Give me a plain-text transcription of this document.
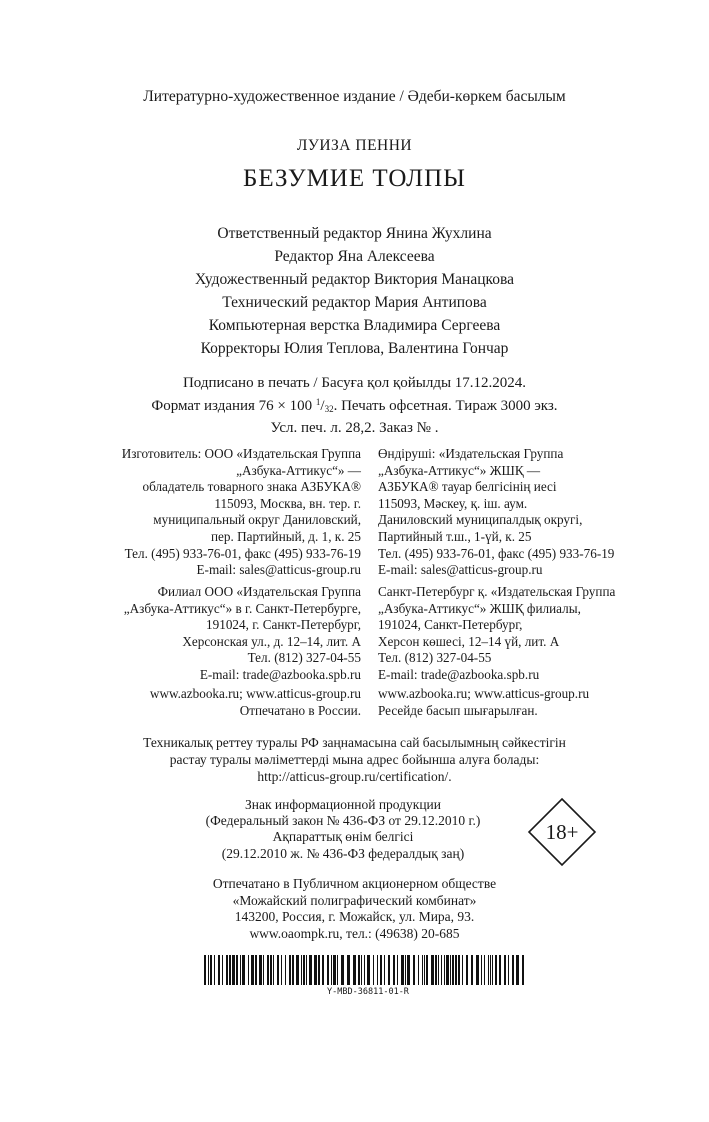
Литературно-художественное издание / Әдеби-көркем басылым
ЛУИЗА ПЕННИ
БЕЗУМИЕ ТОЛПЫ
Ответственный редактор Янина Жухлина
Редактор Яна Алексеева
Художественный редактор Виктория Манацкова
Технический редактор Мария Антипова
Компьютерная верстка Владимира Сергеева
Корректоры Юлия Теплова, Валентина Гончар
Подписано в печать / Басуға қол қойылды 17.12.2024.
Формат издания 76 × 100 $^1/_{32}$. Печать офсетная. Тираж 3000 экз.
Усл. печ. л. 28,2. Заказ № .
Изготовитель: ООО «Издательская Группа
„Азбука-Аттикус“» —
обладатель товарного знака АЗБУКА®
115093, Москва, вн. тер. г.
муниципальный округ Даниловский,
пер. Партийный, д. 1, к. 25
Тел. (495) 933-76-01, факс (495) 933-76-19
E-mail: sales@atticus-group.ru
Өндіруші: «Издательская Группа
„Азбука-Аттикус“» ЖШҚ —
АЗБУКА® тауар белгісінің иесі
115093, Мәскеу, қ. іш. аум.
Даниловский муниципалдық округі,
Партийный т.ш., 1-үй, к. 25
Тел. (495) 933-76-01, факс (495) 933-76-19
E-mail: sales@atticus-group.ru
Филиал ООО «Издательская Группа
„Азбука-Аттикус“» в г. Санкт-Петербурге,
191024, г. Санкт-Петербург,
Херсонская ул., д. 12–14, лит. А
Тел. (812) 327-04-55
E-mail: trade@azbooka.spb.ru
Санкт-Петербург қ. «Издательская Группа
„Азбука-Аттикус“» ЖШҚ филиалы,
191024, Санкт-Петербург,
Херсон көшесі, 12–14 үй, лит. А
Тел. (812) 327-04-55
E-mail: trade@azbooka.spb.ru
www.azbooka.ru; www.atticus-group.ru
Отпечатано в России.
www.azbooka.ru; www.atticus-group.ru
Ресейде басып шығарылған.
Техникалық реттеу туралы РФ заңнамасына сай басылымның сәйкестігін
растау туралы мәліметтерді мына адрес бойынша алуға болады:
http://atticus-group.ru/certification/.
Знак информационной продукции
(Федеральный закон № 436-ФЗ от 29.12.2010 г.)
Ақпараттық өнім белгісі
(29.12.2010 ж. № 436-ФЗ федералдық заң)
18+
Отпечатано в Публичном акционерном обществе
«Можайский полиграфический комбинат»
143200, Россия, г. Можайск, ул. Мира, 93.
www.oaompk.ru, тел.: (49638) 20-685
Y-MBD-36811-01-R
